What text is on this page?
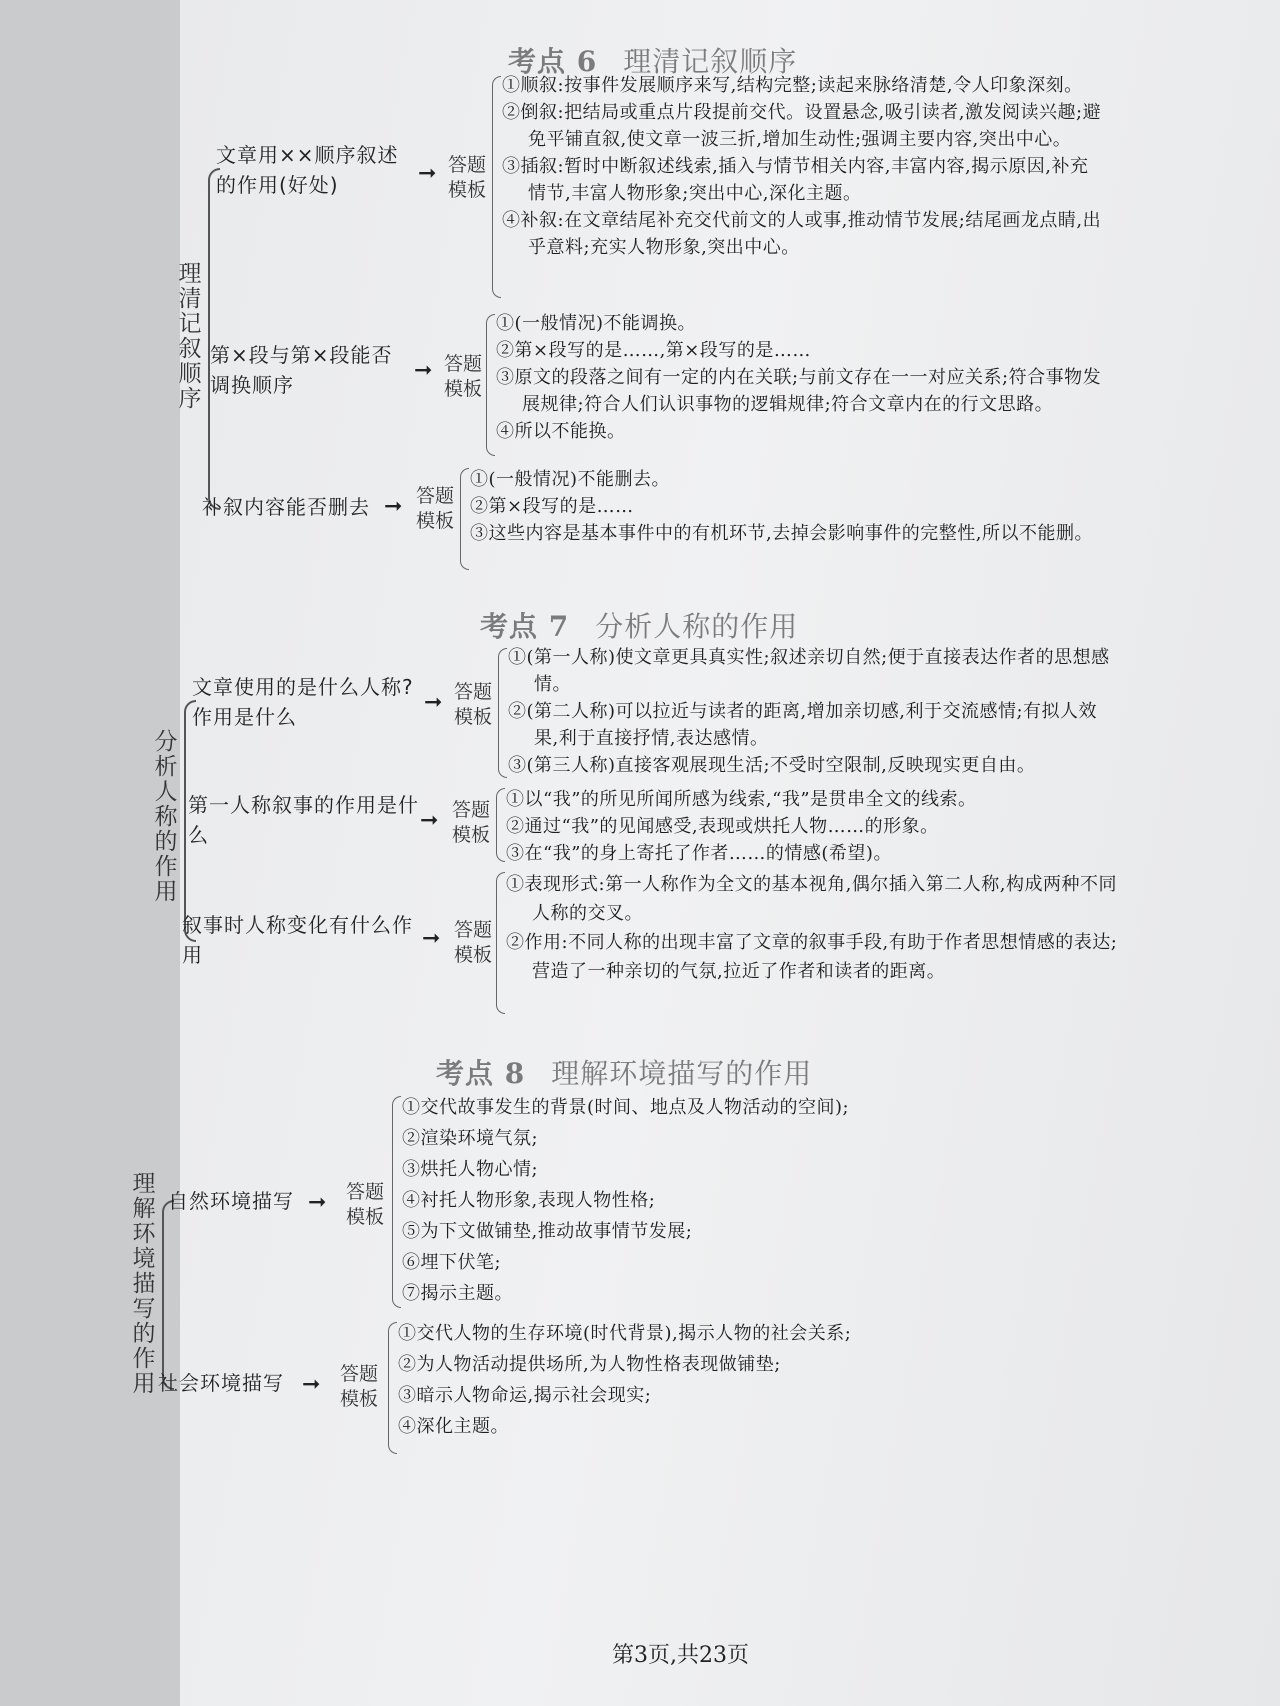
考点 6 理清记叙顺序
理清记叙顺序
文章用××顺序叙述的作用(好处)	➞ 答题模板
①顺叙:按事件发展顺序来写,结构完整;读起来脉络清楚,令人印象深刻。
②倒叙:把结局或重点片段提前交代。设置悬念,吸引读者,激发阅读兴趣;避免平铺直叙,使文章一波三折,增加生动性;强调主要内容,突出中心。
③插叙:暂时中断叙述线索,插入与情节相关内容,丰富内容,揭示原因,补充情节,丰富人物形象;突出中心,深化主题。
④补叙:在文章结尾补充交代前文的人或事,推动情节发展;结尾画龙点睛,出乎意料;充实人物形象,突出中心。
第×段与第×段能否调换顺序
➞ 答题模板
①(一般情况)不能调换。
②第×段写的是……,第×段写的是……
③原文的段落之间有一定的内在关联;与前文存在一一对应关系;符合事物发展规律;符合人们认识事物的逻辑规律;符合文章内在的行文思路。
④所以不能换。
补叙内容能否删去 ➞ 答题模板
①(一般情况)不能删去。
②第×段写的是……
③这些内容是基本事件中的有机环节,去掉会影响事件的完整性,所以不能删。
考点 7 分析人称的作用
分析人称的作用
文章使用的是什么人称?作用是什么
➞ 答题模板
①(第一人称)使文章更具真实性;叙述亲切自然;便于直接表达作者的思想感情。
②(第二人称)可以拉近与读者的距离,增加亲切感,利于交流感情;有拟人效果,利于直接抒情,表达感情。
③(第三人称)直接客观展现生活;不受时空限制,反映现实更自由。
第一人称叙事的作用是什么
➞ 答题模板
①以“我”的所见所闻所感为线索,“我”是贯串全文的线索。
②通过“我”的见闻感受,表现或烘托人物……的形象。
③在“我”的身上寄托了作者……的情感(希望)。
叙事时人称变化有什么作用
➞ 答题模板
①表现形式:第一人称作为全文的基本视角,偶尔插入第二人称,构成两种不同人称的交叉。
②作用:不同人称的出现丰富了文章的叙事手段,有助于作者思想情感的表达;营造了一种亲切的气氛,拉近了作者和读者的距离。
考点 8 理解环境描写的作用
理解环境描写的作用
自然环境描写 ➞ 答题模板
①交代故事发生的背景(时间、地点及人物活动的空间);
②渲染环境气氛;
③烘托人物心情;
④衬托人物形象,表现人物性格;
⑤为下文做铺垫,推动故事情节发展;
⑥埋下伏笔;
⑦揭示主题。
社会环境描写 ➞ 答题模板
①交代人物的生存环境(时代背景),揭示人物的社会关系;
②为人物活动提供场所,为人物性格表现做铺垫;
③暗示人物命运,揭示社会现实;
④深化主题。
第3页,共23页
